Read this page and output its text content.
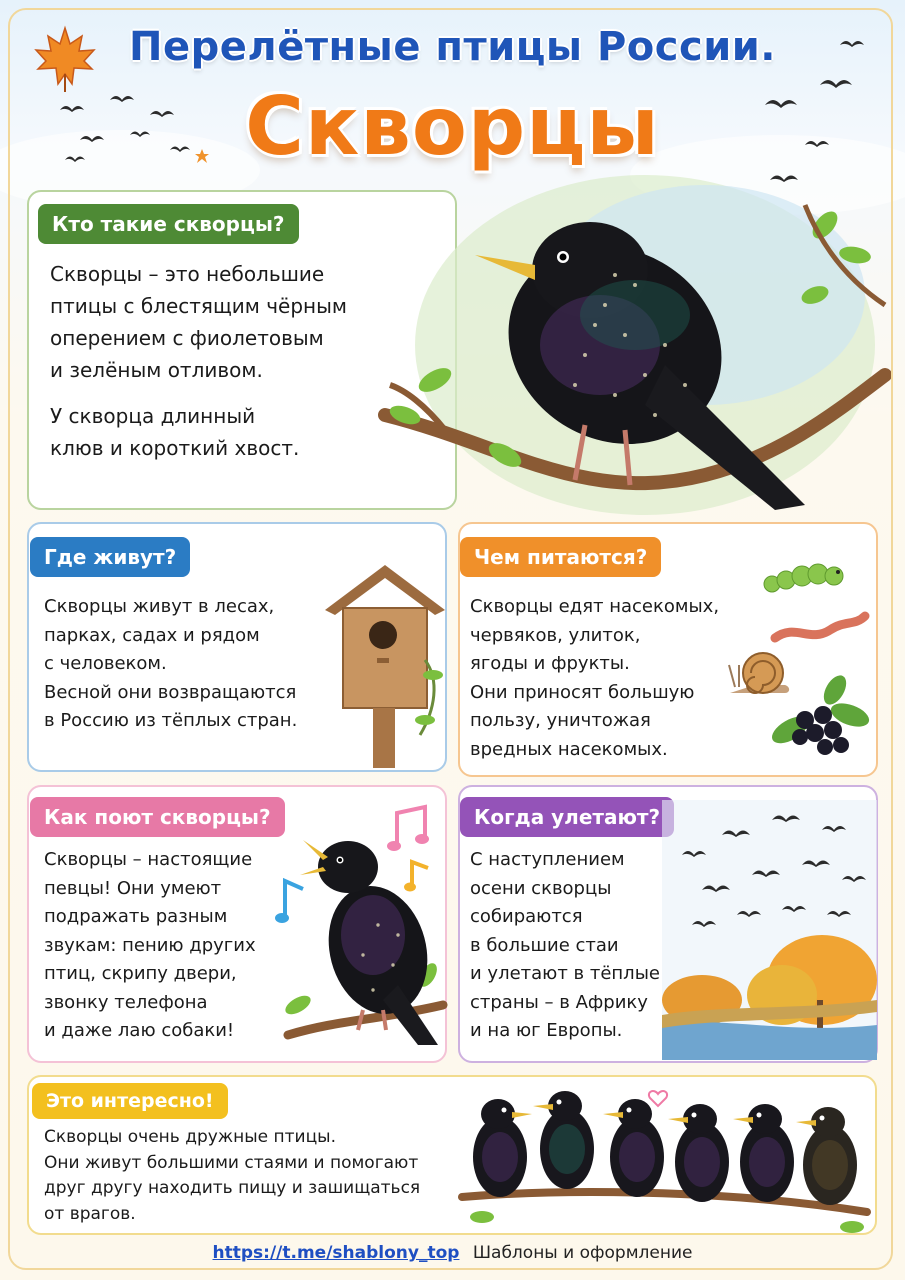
Перелётные птицы России.
Скворцы
Кто такие скворцы?

Скворцы – это небольшие

птицы с блестящим чёрным

оперением с фиолетовым

и зелёным отливом.

У скворца длинный

клюв и короткий хвост.

Где живут?

Скворцы живут в лесах,

парках, садах и рядом

с человеком.

Весной они возвращаются

в Россию из тёплых стран.

Чем питаются?

Скворцы едят насекомых,

червяков, улиток,

ягоды и фрукты.

Они приносят большую

пользу, уничтожая

вредных насекомых.

Как поют скворцы?

Скворцы – настоящие

певцы! Они умеют

подражать разным

звукам: пению других

птиц, скрипу двери,

звонку телефона

и даже лаю собаки!

Когда улетают?

С наступлением

осени скворцы

собираются

в большие стаи

и улетают в тёплые

страны – в Африку

и на юг Европы.

Это интересно!

Скворцы очень дружные птицы.

Они живут большими стаями и помогают

друг другу находить пищу и зашищаться

от врагов.

https://t.me/shablony_top Шаблоны и оформление
